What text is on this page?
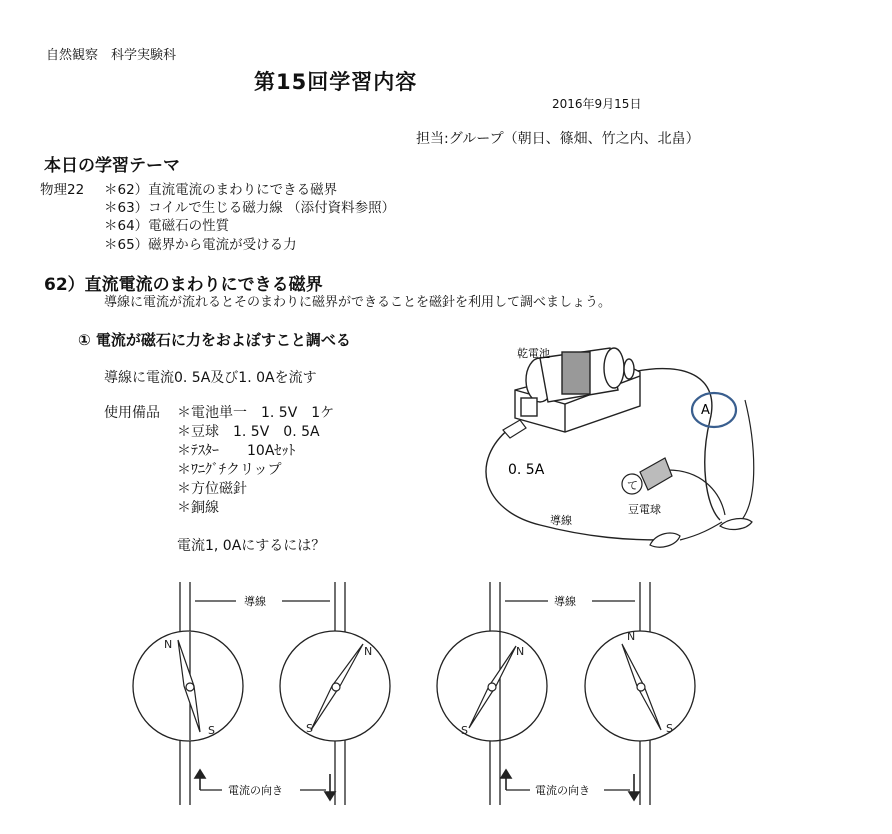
自然観察　科学実験科
第15回学習内容
2016年9月15日
担当:グループ（朝日、篠畑、竹之内、北畠）
本日の学習テーマ
物理22 ＊62）直流電流のまわりにできる磁界
＊63）コイルで生じる磁力線 （添付資料参照）
＊64）電磁石の性質
＊65）磁界から電流が受ける力
62）直流電流のまわりにできる磁界
導線に電流が流れるとそのまわりに磁界ができることを磁針を利用して調べましょう。
① 電流が磁石に力をおよぼすこと調べる
導線に電流0. 5A及び1. 0Aを流す
使用備品 ＊電池単一　1. 5V　1ケ
＊豆球　1. 5V　0. 5A
＊ﾃｽﾀｰ　　10Aｾｯﾄ
＊ﾜﾆｸﾞﾁクリップ
＊方位磁針
＊銅線
電流1, 0Aにするには？
て
A
乾電池
0. 5A
導線
豆電球
N
S
N
S
N
S
N
S
導線	導線
電流の向き	電流の向き
